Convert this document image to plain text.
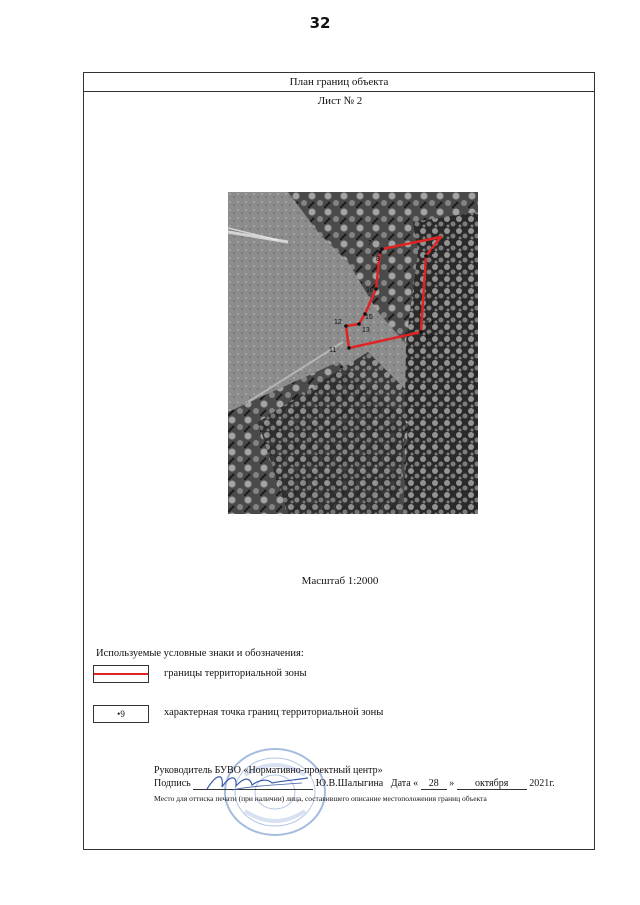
32
План границ объекта
Лист № 2
7
8
9
10
11
12
13
14
15
16
Масштаб 1:2000
Используемые условные знаки и обозначения:
границы территориальной зоны
•9	характерная точка границ территориальной зоны
Руководитель БУВО «Нормативно-проектный центр»
Подпись	Ю.В.Шалыгина Дата « 28 » октября 2021г.
Место для оттиска печати (при наличии) лица, составившего описание местоположения границ объекта
